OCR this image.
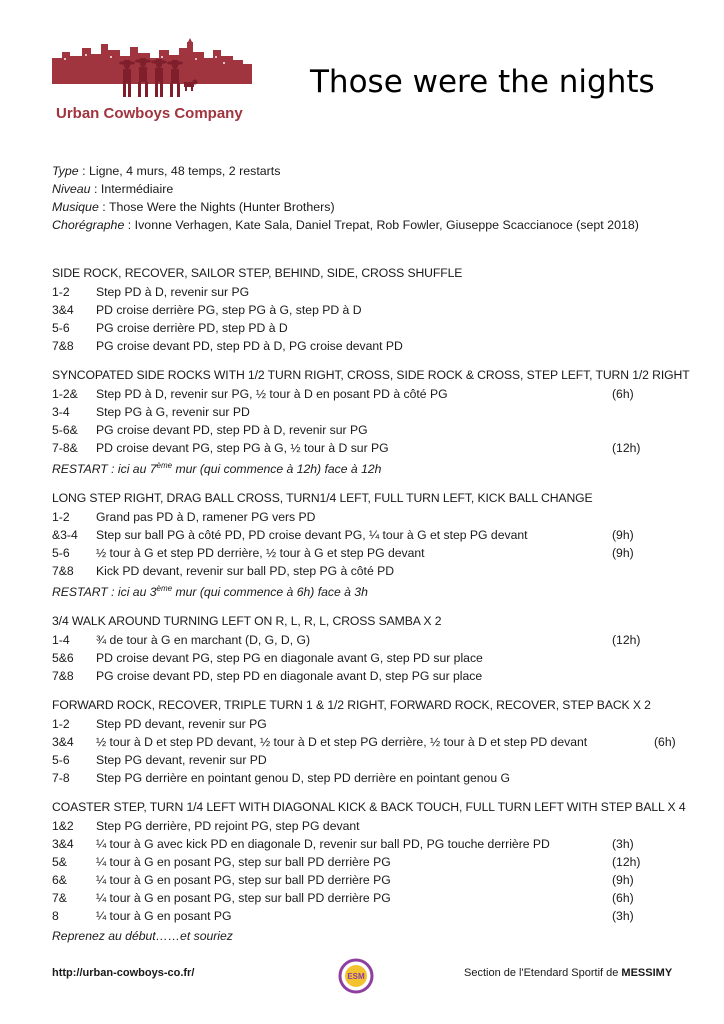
Urban Cowboys Company
Those were the nights
Type : Ligne, 4 murs, 48 temps, 2 restarts
Niveau : Intermédiaire
Musique : Those Were the Nights (Hunter Brothers)
Chorégraphe : Ivonne Verhagen, Kate Sala, Daniel Trepat, Rob Fowler, Giuseppe Scaccianoce (sept 2018)
SIDE ROCK, RECOVER, SAILOR STEP, BEHIND, SIDE, CROSS SHUFFLE
1-2 Step PD à D, revenir sur PG
3&4 PD croise derrière PG, step PG à G, step PD à D
5-6 PG croise derrière PD, step PD à D
7&8 PG croise devant PD, step PD à D, PG croise devant PD
SYNCOPATED SIDE ROCKS WITH 1/2 TURN RIGHT, CROSS, SIDE ROCK & CROSS, STEP LEFT, TURN 1/2 RIGHT
1-2& Step PD à D, revenir sur PG, ½ tour à D en posant PD à côté PG	(6h)
3-4 Step PG à G, revenir sur PD
5-6& PG croise devant PD, step PD à D, revenir sur PG
7-8& PD croise devant PG, step PG à G, ½ tour à D sur PG	(12h)
RESTART : ici au 7ème mur (qui commence à 12h) face à 12h
LONG STEP RIGHT, DRAG BALL CROSS, TURN1/4 LEFT, FULL TURN LEFT, KICK BALL CHANGE
1-2 Grand pas PD à D, ramener PG vers PD
&3-4 Step sur ball PG à côté PD, PD croise devant PG, ¼ tour à G et step PG devant	(9h)
5-6 ½ tour à G et step PD derrière, ½ tour à G et step PG devant	(9h)
7&8 Kick PD devant, revenir sur ball PD, step PG à côté PD
RESTART : ici au 3ème mur (qui commence à 6h) face à 3h
3/4 WALK AROUND TURNING LEFT ON R, L, R, L, CROSS SAMBA X 2
1-4 ¾ de tour à G en marchant (D, G, D, G)	(12h)
5&6 PD croise devant PG, step PG en diagonale avant G, step PD sur place
7&8 PG croise devant PD, step PD en diagonale avant D, step PG sur place
FORWARD ROCK, RECOVER, TRIPLE TURN 1 & 1/2 RIGHT, FORWARD ROCK, RECOVER, STEP BACK X 2
1-2 Step PD devant, revenir sur PG
3&4 ½ tour à D et step PD devant, ½ tour à D et step PG derrière, ½ tour à D et step PD devant	(6h)
5-6 Step PG devant, revenir sur PD
7-8 Step PG derrière en pointant genou D, step PD derrière en pointant genou G
COASTER STEP, TURN 1/4 LEFT WITH DIAGONAL KICK & BACK TOUCH, FULL TURN LEFT WITH STEP BALL X 4
1&2 Step PG derrière, PD rejoint PG, step PG devant
3&4 ¼ tour à G avec kick PD en diagonale D, revenir sur ball PD, PG touche derrière PD	(3h)
5& ¼ tour à G en posant PG, step sur ball PD derrière PG	(12h)
6& ¼ tour à G en posant PG, step sur ball PD derrière PG	(9h)
7& ¼ tour à G en posant PG, step sur ball PD derrière PG	(6h)
8	¼ tour à G en posant PG	(3h)
Reprenez au début……et souriez
http://urban-cowboys-co.fr/	ESM	Section de l'Etendard Sportif de MESSIMY
